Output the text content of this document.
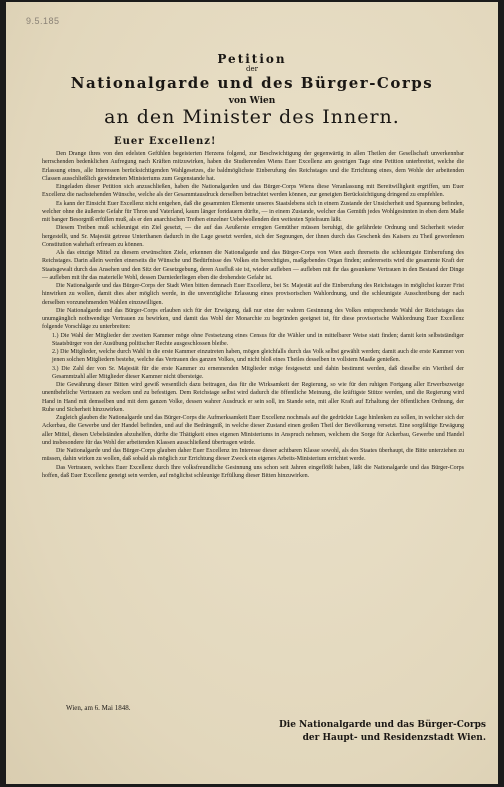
9.5.185
Petition
der
Nationalgarde und des Bürger-Corps
von Wien
an den Minister des Innern.
Euer Excellenz!

Den Drange ihres von den edelsten Gefühlen begeisterten Herzens folgend, zur Beschwichtigung der gegenwärtig in allen Theilen der Gesellschaft unverkennbar herrschenden bedenklichen Aufregung nach Kräften mitzuwirken, haben die Studierenden Wiens Euer Excellenz am gestrigen Tage eine Petition unterbreitet, welche die Erlassung eines, alle Interessen berücksichtigenden Wahlgesetzes, die baldmöglichste Einberufung des Reichstages und die Errichtung eines, dem Wohle der arbeitenden Classen ausschließlich gewidmeten Ministeriums zum Gegenstande hat.

Eingeladen dieser Petition sich anzuschließen, haben die Nationalgarden und das Bürger-Corps Wiens diese Veranlassung mit Bereitwilligkeit ergriffen, um Euer Excellenz die nachstehenden Wünsche, welche als der Gesammtausdruck derselben betrachtet werden können, zur geneigten Berücksichtigung dringend zu empfehlen.

Es kann der Einsicht Euer Excellenz nicht entgehen, daß die gesammten Elemente unseres Staatslebens sich in einem Zustande der Unsicherheit und Spannung befinden, welcher ohne die äußerste Gefahr für Thron und Vaterland, kaum länger fortdauern dürfte, — in einem Zustande, welcher das Gemüth jedes Wohlgesinnten in eben dem Maße mit banger Besorgniß erfüllen muß, als er den anarchischen Treiben einzelner Uebelwollenden den weitesten Spielraum läßt.

Diesem Treiben muß schleunigst ein Ziel gesetzt, — die auf das Aeußerste erregten Gemüther müssen beruhigt, die gefährdete Ordnung und Sicherheit wieder hergestellt, und Sr. Majestät getreue Unterthanen dadurch in die Lage gesetzt werden, sich der Segnungen, der ihnen durch das Geschenk des Kaisers zu Theil gewordenen Constitution wahrhaft erfreuen zu können.

Als das einzige Mittel zu diesem erwünschten Ziele, erkennen die Nationalgarde und das Bürger-Corps von Wien auch ihrerseits die schleunigste Einberufung des Reichstages. Darin allein werden einerseits die Wünsche und Bedürfnisse des Volkes ein berechtigtes, maßgebendes Organ finden; andererseits wird die gesammte Kraft der Staatsgewalt durch das Ansehen und den Sitz der Gesetzgebung, deren Ausfluß sie ist, wieder aufleben — aufleben mit ihr das gesunkene Vertrauen in den Bestand der Dinge — aufleben mit ihr das materielle Wohl, dessen Darniederliegen eben die drohendste Gefahr ist.

Die Nationalgarde und das Bürger-Corps der Stadt Wien bitten demnach Euer Excellenz, bei Sr. Majestät auf die Einberufung des Reichstages in möglichst kurzer Frist hinwirken zu wollen, damit dies aber möglich werde, in die unverzügliche Erlassung eines provisorischen Wahlordnung, und die schleunigste Ausschreibung der nach derselben vorzunehmenden Wahlen einzuwilligen.

Die Nationalgarde und das Bürger-Corps erlauben sich für der Erwägung, daß nur eine der wahren Gesinnung des Volkes entsprechende Wahl der Reichstages das unumgänglich nothwendige Vertrauen zu bewirken, und damit das Wohl der Monarchie zu begründen geeignet ist, für diese provisorische Wahlordnung Euer Excellenz folgende Vorschläge zu unterbreiten:

1.) Die Wahl der Mitglieder der zweiten Kammer möge ohne Festsetzung eines Census für die Wähler und in mittelbarer Weise statt finden; damit kein selbstständiger Staatsbürger von der Ausübung politischer Rechte ausgeschlossen bleibe.

2.) Die Mitglieder, welche durch Wahl in die erste Kammer einzutreten haben, mögen gleichfalls durch das Volk selbst gewählt werden; damit auch die erste Kammer von jenen solchen Mitgliedern bestehe, welche das Vertrauen des ganzen Volkes, und nicht bloß eines Theiles desselben in vollstem Maaße genießen.

3.) Die Zahl der von Sr. Majestät für die erste Kammer zu ernennenden Mitglieder möge festgesetzt und dahin bestimmt werden, daß dieselbe ein Viertheil der Gesammtzahl aller Mitglieder dieser Kammer nicht übersteige.

Die Gewährung dieser Bitten wird gewiß wesentlich dazu beitragen, das für die Wirksamkeit der Regierung, so wie für den ruhigen Fortgang aller Erwerbszweige unentbehrliche Vertrauen zu wecken und zu befestigen. Dem Reichstage selbst wird dadurch die öffentliche Meinung, die kräftigste Stütze werden, und die Regierung wird Hand in Hand mit demselben und mit dem ganzen Volke, dessen wahrer Ausdruck er sein soll, im Stande sein, mit aller Kraft auf Erhaltung der öffentlichen Ordnung, der Ruhe und Sicherheit hinzuwirken.

Zugleich glauben die Nationalgarde und das Bürger-Corps die Aufmerksamkeit Euer Excellenz nochmals auf die gedrückte Lage hinlenken zu sollen, in welcher sich der Ackerbau, die Gewerbe und der Handel befinden, und auf die Bedrängniß, in welche dieser Zustand einen großen Theil der Bevölkerung versetzt. Eine sorgfältige Erwägung aller Mittel, diesen Uebelständen abzuhelfen, dürfte die Thätigkeit eines eigenen Ministeriums in Anspruch nehmen, welchem die Sorge für Ackerbau, Gewerbe und Handel und insbesondere für das Wohl der arbeitenden Klassen ausschließend übertragen würde.

Die Nationalgarde und das Bürger-Corps glauben daher Euer Excellenz im Interesse dieser achtbaren Klasse sowohl, als des Staates überhaupt, die Bitte unterziehen zu müssen, dahin wirken zu wollen, daß sobald als möglich zur Errichtung dieser Zweck ein eigenes Arbeits-Ministerium errichtet werde.

Das Vertrauen, welches Euer Excellenz durch Ihre volksfreundliche Gesinnung uns schon seit Jahren eingeflößt haben, läßt die Nationalgarde und das Bürger-Corps hoffen, daß Euer Excellenz geneigt sein werden, auf möglichst schleunige Erfüllung dieser Bitten hinzuwirken.

Wien, am 6. Mai 1848.
Die Nationalgarde und das Bürger-Corps
der Haupt- und Residenzstadt Wien.
